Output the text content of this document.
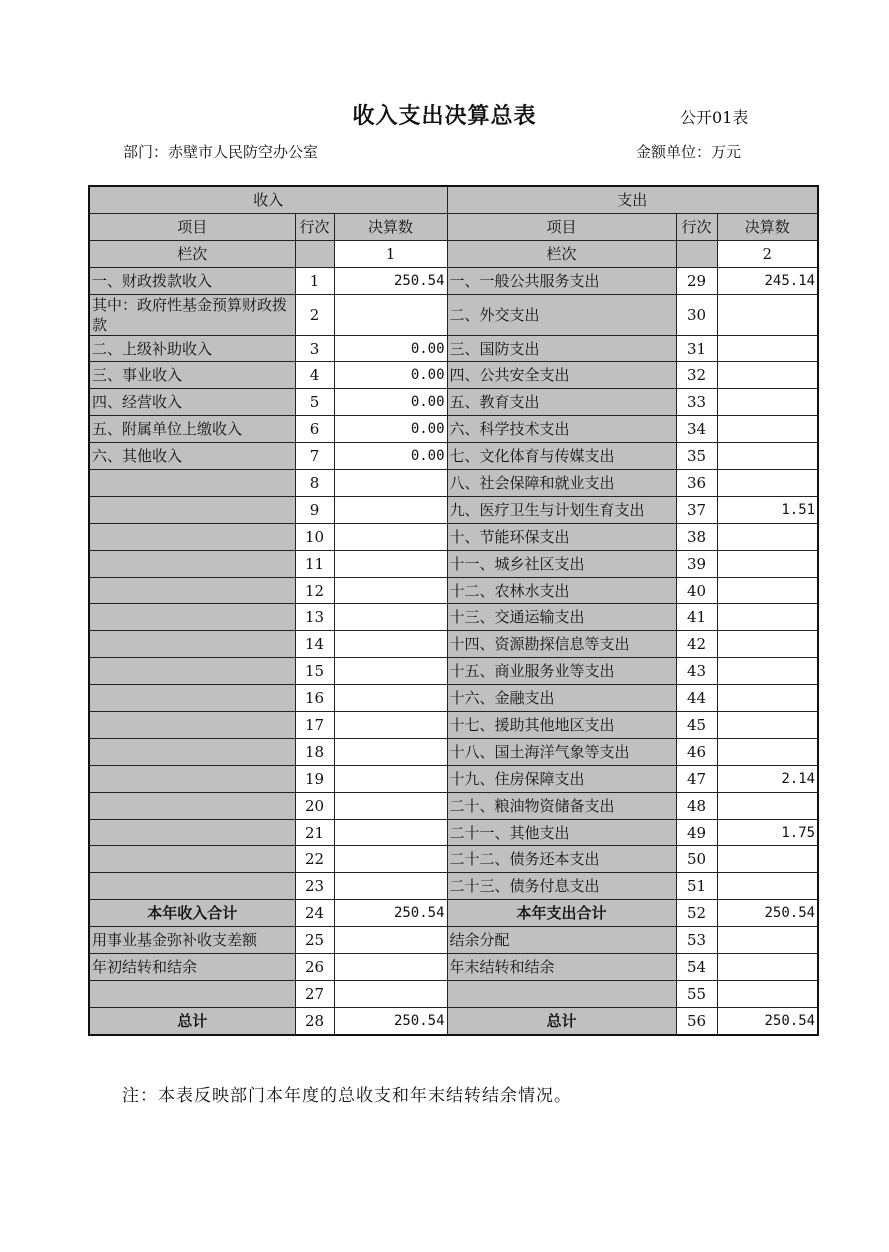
收入支出决算总表	公开01表
部门：赤壁市人民防空办公室	金额单位：万元
收入			支出		
项目	行次	决算数	项目	行次	决算数
栏次		1	栏次		2
一、财政拨款收入	1	250.54	一、一般公共服务支出	29	245.14
其中：政府性基金预算财政拨款	2		二、外交支出	30	
二、上级补助收入	3	0.00	三、国防支出	31	
三、事业收入	4	0.00	四、公共安全支出	32	
四、经营收入	5	0.00	五、教育支出	33	
五、附属单位上缴收入	6	0.00	六、科学技术支出	34	
六、其他收入	7	0.00	七、文化体育与传媒支出	35	
	8		八、社会保障和就业支出	36	
	9		九、医疗卫生与计划生育支出	37	1.51
	10		十、节能环保支出	38	
	11		十一、城乡社区支出	39	
	12		十二、农林水支出	40	
	13		十三、交通运输支出	41	
	14		十四、资源勘探信息等支出	42	
	15		十五、商业服务业等支出	43	
	16		十六、金融支出	44	
	17		十七、援助其他地区支出	45	
	18		十八、国土海洋气象等支出	46	
	19		十九、住房保障支出	47	2.14
	20		二十、粮油物资储备支出	48	
	21		二十一、其他支出	49	1.75
	22		二十二、债务还本支出	50	
	23		二十三、债务付息支出	51	
本年收入合计	24	250.54	本年支出合计	52	250.54
用事业基金弥补收支差额	25		结余分配	53	
年初结转和结余	26		年末结转和结余	54	
	27			55	
总计	28	250.54	总计	56	250.54
注：本表反映部门本年度的总收支和年末结转结余情况。
